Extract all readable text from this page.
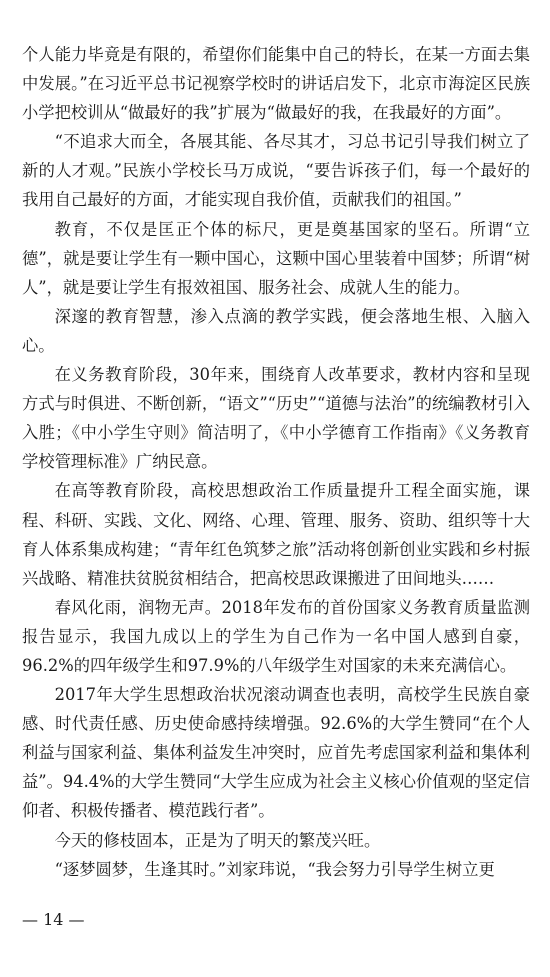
个人能力毕竟是有限的，希望你们能集中自己的特长，在某一方面去集中发展。”在习近平总书记视察学校时的讲话启发下，北京市海淀区民族小学把校训从“做最好的我”扩展为“做最好的我，在我最好的方面”。

“不追求大而全，各展其能、各尽其才，习总书记引导我们树立了新的人才观。”民族小学校长马万成说，“要告诉孩子们，每一个最好的我用自己最好的方面，才能实现自我价值，贡献我们的祖国。”

教育，不仅是匡正个体的标尺，更是奠基国家的坚石。所谓“立德”，就是要让学生有一颗中国心，这颗中国心里装着中国梦；所谓“树人”，就是要让学生有报效祖国、服务社会、成就人生的能力。

深邃的教育智慧，渗入点滴的教学实践，便会落地生根、入脑入心。

在义务教育阶段，30年来，围绕育人改革要求，教材内容和呈现方式与时俱进、不断创新，“语文”“历史”“道德与法治”的统编教材引入入胜；《中小学生守则》简洁明了，《中小学德育工作指南》《义务教育学校管理标准》广纳民意。

在高等教育阶段，高校思想政治工作质量提升工程全面实施，课程、科研、实践、文化、网络、心理、管理、服务、资助、组织等十大育人体系集成构建；“青年红色筑梦之旅”活动将创新创业实践和乡村振兴战略、精准扶贫脱贫相结合，把高校思政课搬进了田间地头……

春风化雨，润物无声。2018年发布的首份国家义务教育质量监测报告显示，我国九成以上的学生为自己作为一名中国人感到自豪，96.2%的四年级学生和97.9%的八年级学生对国家的未来充满信心。

2017年大学生思想政治状况滚动调查也表明，高校学生民族自豪感、时代责任感、历史使命感持续增强。92.6%的大学生赞同“在个人利益与国家利益、集体利益发生冲突时，应首先考虑国家利益和集体利益”。94.4%的大学生赞同“大学生应成为社会主义核心价值观的坚定信仰者、积极传播者、模范践行者”。

今天的修枝固本，正是为了明天的繁茂兴旺。

“逐梦圆梦，生逢其时。”刘家玮说，“我会努力引导学生树立更

— 14 —
